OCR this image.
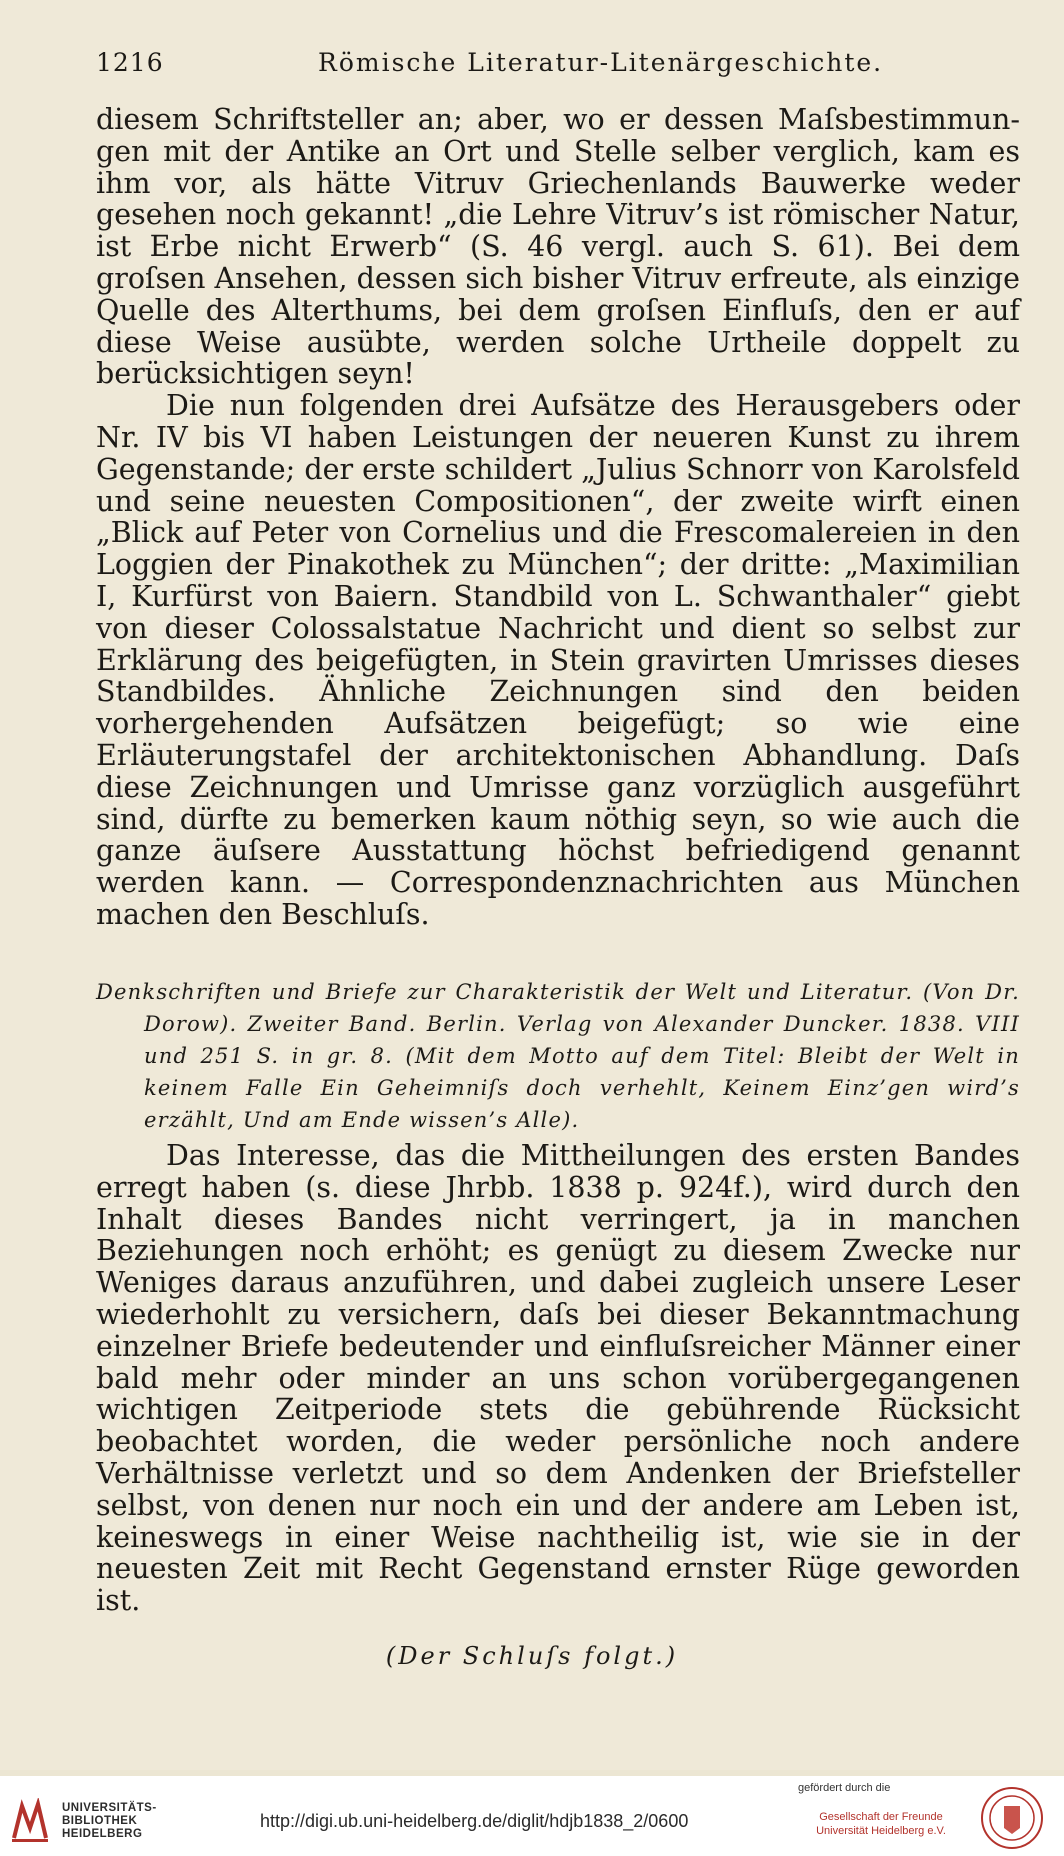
1216	Römische Literatur-Litenärgeschichte.

diesem Schriftsteller an; aber, wo er dessen Maſsbestimmungen mit der Antike an Ort und Stelle selber verglich, kam es ihm vor, als hätte Vitruv Griechenlands Bauwerke weder gesehen noch gekannt! „die Lehre Vitruv’s ist römischer Natur, ist Erbe nicht Erwerb“ (S. 46 vergl. auch S. 61). Bei dem groſsen Ansehen, dessen sich bisher Vitruv erfreute, als einzige Quelle des Alterthums, bei dem groſsen Einfluſs, den er auf diese Weise ausübte, werden solche Urtheile doppelt zu berücksichtigen seyn!

Die nun folgenden drei Aufsätze des Herausgebers oder Nr. IV bis VI haben Leistungen der neueren Kunst zu ihrem Gegenstande; der erste schildert „Julius Schnorr von Karolsfeld und seine neuesten Compositionen“, der zweite wirft einen „Blick auf Peter von Cornelius und die Frescomalereien in den Loggien der Pinakothek zu München“; der dritte: „Maximilian I, Kurfürst von Baiern. Standbild von L. Schwanthaler“ giebt von dieser Colossalstatue Nachricht und dient so selbst zur Erklärung des beigefügten, in Stein gravirten Umrisses dieses Standbildes. Ähnliche Zeichnungen sind den beiden vorhergehenden Aufsätzen beigefügt; so wie eine Erläuterungstafel der architektonischen Abhandlung. Daſs diese Zeichnungen und Umrisse ganz vorzüglich ausgeführt sind, dürfte zu bemerken kaum nöthig seyn, so wie auch die ganze äuſsere Ausstattung höchst befriedigend genannt werden kann. — Correspondenznachrichten aus München machen den Beschluſs.

Denkschriften und Briefe zur Charakteristik der Welt und Literatur. (Von Dr. Dorow). Zweiter Band. Berlin. Verlag von Alexander Duncker. 1838. VIII und 251 S. in gr. 8. (Mit dem Motto auf dem Titel: Bleibt der Welt in keinem Falle Ein Geheimniſs doch verhehlt, Keinem Einz’gen wird’s erzählt, Und am Ende wissen’s Alle).

Das Interesse, das die Mittheilungen des ersten Bandes erregt haben (s. diese Jhrbb. 1838 p. 924f.), wird durch den Inhalt dieses Bandes nicht verringert, ja in manchen Beziehungen noch erhöht; es genügt zu diesem Zwecke nur Weniges daraus anzuführen, und dabei zugleich unsere Leser wiederhohlt zu versichern, daſs bei dieser Bekanntmachung einzelner Briefe bedeutender und einfluſsreicher Männer einer bald mehr oder minder an uns schon vorübergegangenen wichtigen Zeitperiode stets die gebührende Rücksicht beobachtet worden, die weder persönliche noch andere Verhältnisse verletzt und so dem Andenken der Briefsteller selbst, von denen nur noch ein und der andere am Leben ist, keineswegs in einer Weise nachtheilig ist, wie sie in der neuesten Zeit mit Recht Gegenstand ernster Rüge geworden ist.

(Der Schluſs folgt.)
UNIVERSITÄTS-
BIBLIOTHEK
HEIDELBERG
http://digi.ub.uni-heidelberg.de/diglit/hdjb1838_2/0600
gefördert durch die
Gesellschaft der Freunde
Universität Heidelberg e.V.
